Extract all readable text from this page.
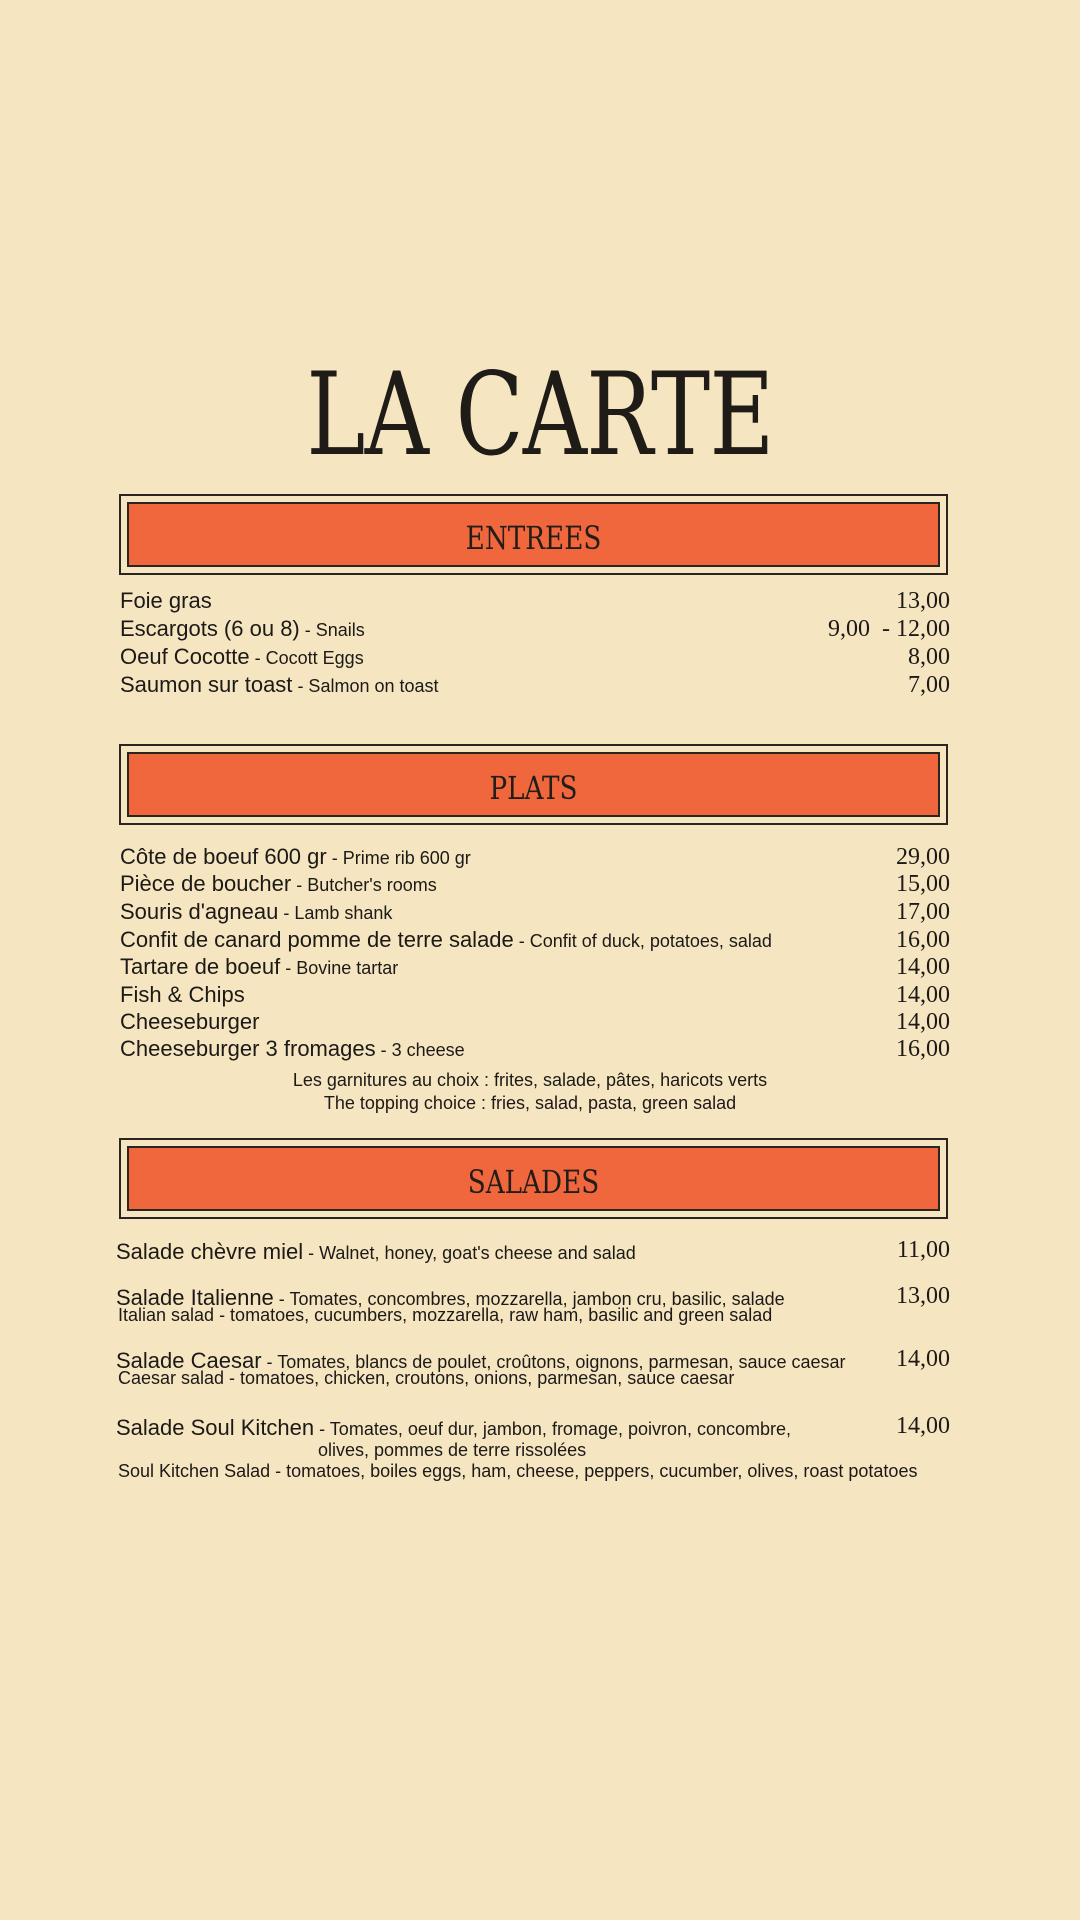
LA CARTE
ENTREES
Foie gras	13,00
Escargots (6 ou 8) - Snails	9,00  - 12,00
Oeuf Cocotte - Cocott Eggs	8,00
Saumon sur toast - Salmon on toast	7,00
PLATS
Côte de boeuf 600 gr - Prime rib 600 gr	29,00
Pièce de boucher - Butcher's rooms	15,00
Souris d'agneau - Lamb shank	17,00
Confit de canard pomme de terre salade - Confit of duck, potatoes, salad	16,00
Tartare de boeuf - Bovine tartar	14,00
Fish & Chips	14,00
Cheeseburger	14,00
Cheeseburger 3 fromages - 3 cheese	16,00
Les garnitures au choix : frites, salade, pâtes, haricots verts
The topping choice : fries, salad, pasta, green salad
SALADES
Salade chèvre miel - Walnet, honey, goat's cheese and salad	11,00
Salade Italienne - Tomates, concombres, mozzarella, jambon cru, basilic, salade	13,00
Italian salad - tomatoes, cucumbers, mozzarella, raw ham, basilic and green salad
Salade Caesar - Tomates, blancs de poulet, croûtons, oignons, parmesan, sauce caesar 14,00
Caesar salad - tomatoes, chicken, croutons, onions, parmesan, sauce caesar
Salade Soul Kitchen - Tomates, oeuf dur, jambon, fromage, poivron, concombre,	14,00
olives, pommes de terre rissolées
Soul Kitchen Salad - tomatoes, boiles eggs, ham, cheese, peppers, cucumber, olives, roast potatoes
